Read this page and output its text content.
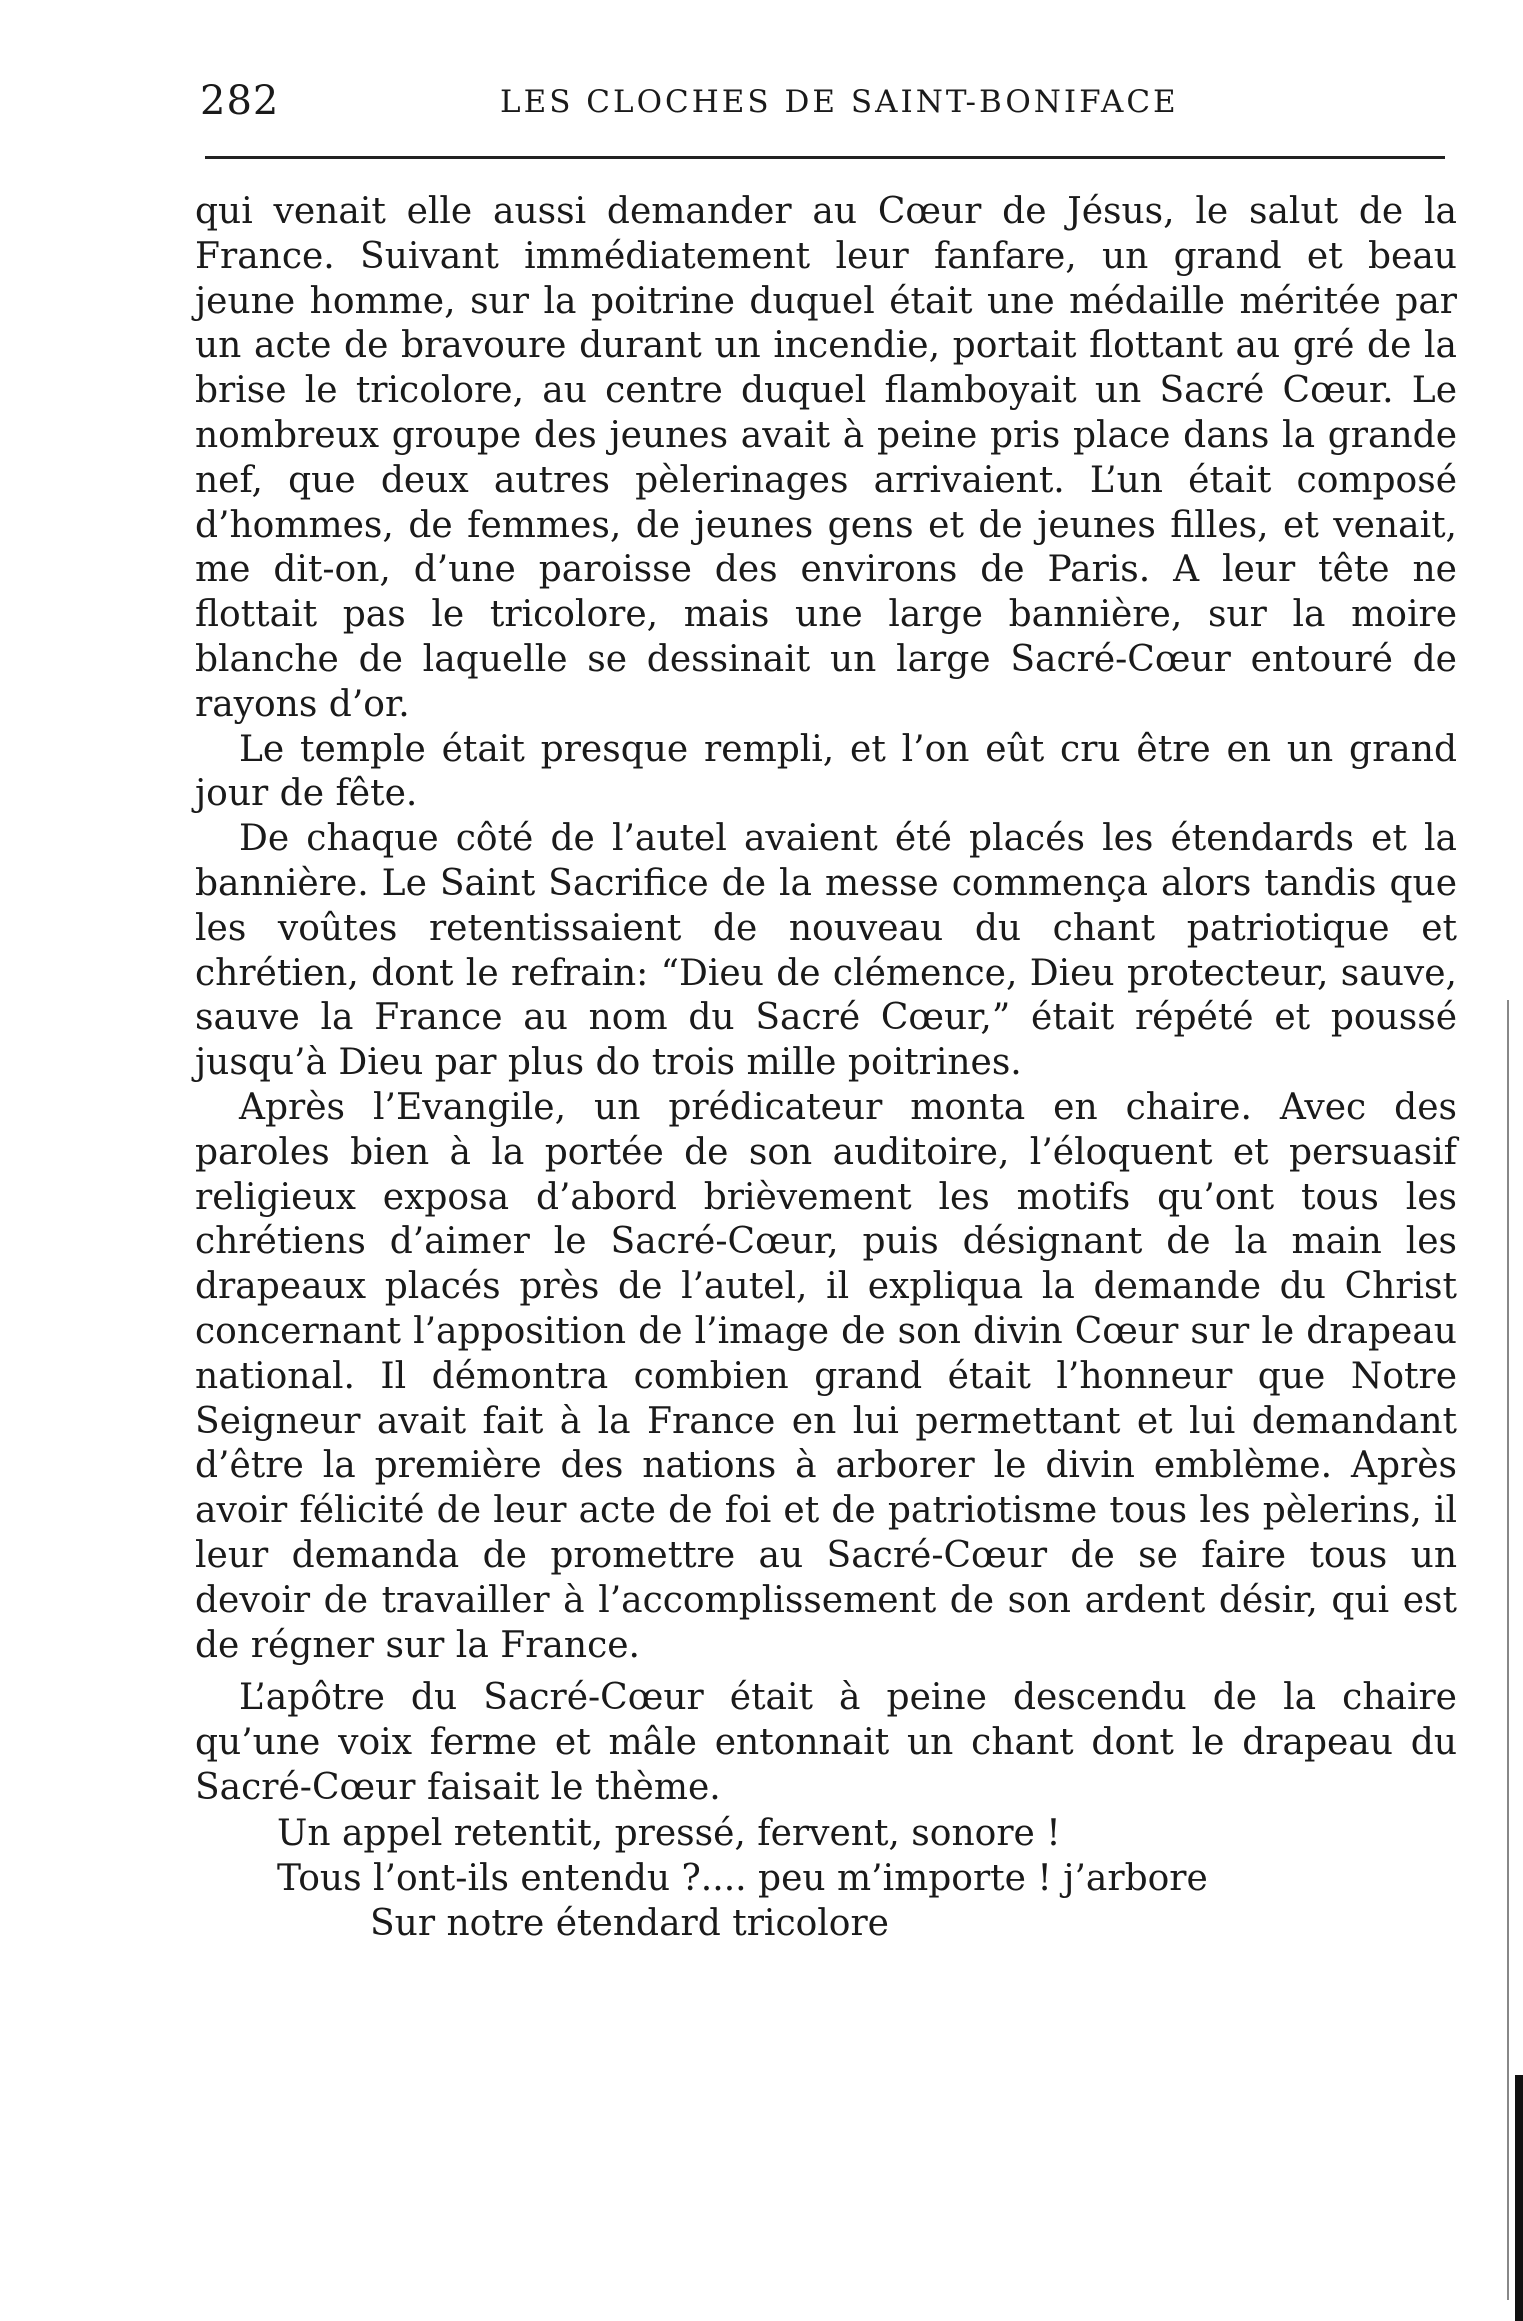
282	LES CLOCHES DE SAINT-BONIFACE

qui venait elle aussi demander au Cœur de Jésus, le salut de la France. Suivant immédiatement leur fanfare, un grand et beau jeune homme, sur la poitrine duquel était une médaille méritée par un acte de bravoure durant un incendie, portait flottant au gré de la brise le tricolore, au centre duquel flamboyait un Sacré Cœur. Le nombreux groupe des jeunes avait à peine pris place dans la grande nef, que deux autres pèlerinages arrivaient. L’un était composé d’hommes, de femmes, de jeunes gens et de jeunes filles, et venait, me dit-on, d’une paroisse des environs de Paris. A leur tête ne flottait pas le tricolore, mais une large bannière, sur la moire blanche de laquelle se dessinait un large Sacré-Cœur entouré de rayons d’or.

Le temple était presque rempli, et l’on eût cru être en un grand jour de fête.

De chaque côté de l’autel avaient été placés les étendards et la bannière. Le Saint Sacrifice de la messe commença alors tandis que les voûtes retentissaient de nouveau du chant patriotique et chrétien, dont le refrain: “Dieu de clémence, Dieu protecteur, sauve, sauve la France au nom du Sacré Cœur,” était répété et poussé jusqu’à Dieu par plus do trois mille poitrines.

Après l’Evangile, un prédicateur monta en chaire. Avec des paroles bien à la portée de son auditoire, l’éloquent et persuasif religieux exposa d’abord brièvement les motifs qu’ont tous les chrétiens d’aimer le Sacré-Cœur, puis désignant de la main les drapeaux placés près de l’autel, il expliqua la demande du Christ concernant l’apposition de l’image de son divin Cœur sur le drapeau national. Il démontra combien grand était l’honneur que Notre Seigneur avait fait à la France en lui permettant et lui demandant d’être la première des nations à arborer le divin emblème. Après avoir félicité de leur acte de foi et de patriotisme tous les pèlerins, il leur demanda de promettre au Sacré-Cœur de se faire tous un devoir de travailler à l’accomplissement de son ardent désir, qui est de régner sur la France.

L’apôtre du Sacré-Cœur était à peine descendu de la chaire qu’une voix ferme et mâle entonnait un chant dont le drapeau du Sacré-Cœur faisait le thème.

Un appel retentit, pressé, fervent, sonore !

Tous l’ont-ils entendu ?.... peu m’importe ! j’arbore

Sur notre étendard tricolore
